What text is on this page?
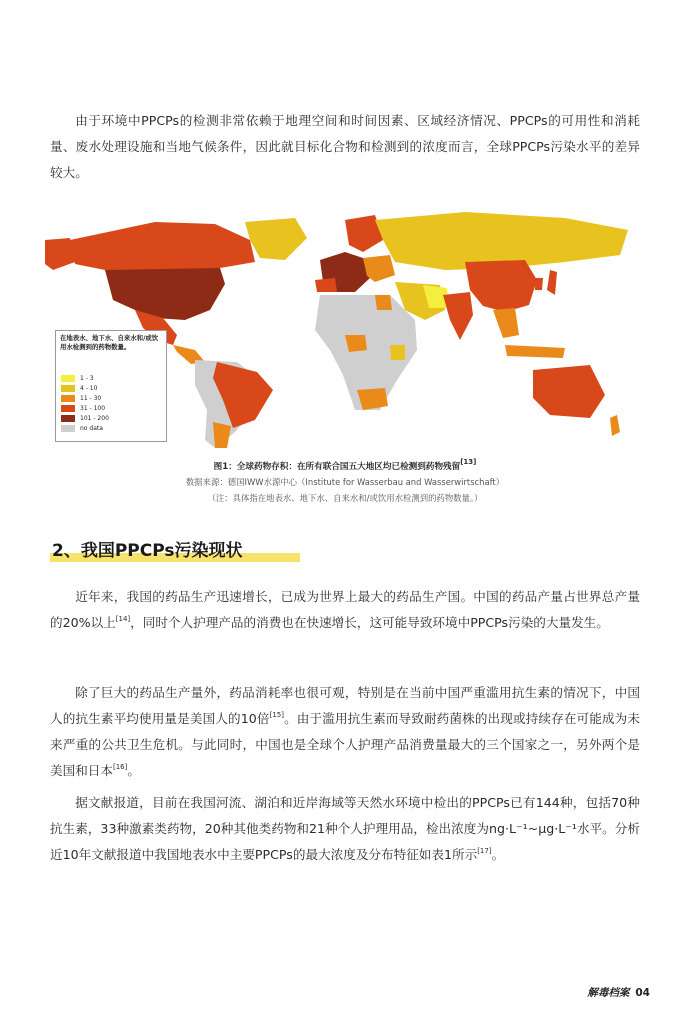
由于环境中PPCPs的检测非常依赖于地理空间和时间因素、区域经济情况、PPCPs的可用性和消耗量、废水处理设施和当地气候条件，因此就目标化合物和检测到的浓度而言，全球PPCPs污染水平的差异较大。

在地表水、地下水、自来水和/或饮用水检测到的药物数量。
1 - 3
4 - 10
11 - 30
31 - 100
101 - 200
no data

图1：全球药物存积：在所有联合国五大地区均已检测到药物残留[13]

数据来源：德国IWW水源中心（Institute for Wasserbau and Wasserwirtschaft）

（注：具体指在地表水、地下水、自来水和/或饮用水检测到的药物数量。）

2、我国PPCPs污染现状

近年来，我国的药品生产迅速增长，已成为世界上最大的药品生产国。中国的药品产量占世界总产量的20%以上[14]，同时个人护理产品的消费也在快速增长，这可能导致环境中PPCPs污染的大量发生。

除了巨大的药品生产量外，药品消耗率也很可观，特别是在当前中国严重滥用抗生素的情况下，中国人的抗生素平均使用量是美国人的10倍[15]。由于滥用抗生素而导致耐药菌株的出现或持续存在可能成为未来严重的公共卫生危机。与此同时，中国也是全球个人护理产品消费量最大的三个国家之一，另外两个是美国和日本[16]。

据文献报道，目前在我国河流、湖泊和近岸海域等天然水环境中检出的PPCPs已有144种，包括70种抗生素，33种激素类药物，20种其他类药物和21种个人护理用品，检出浓度为ng·L⁻¹~μg·L⁻¹水平。分析近10年文献报道中我国地表水中主要PPCPs的最大浓度及分布特征如表1所示[17]。

解毒档案 04
